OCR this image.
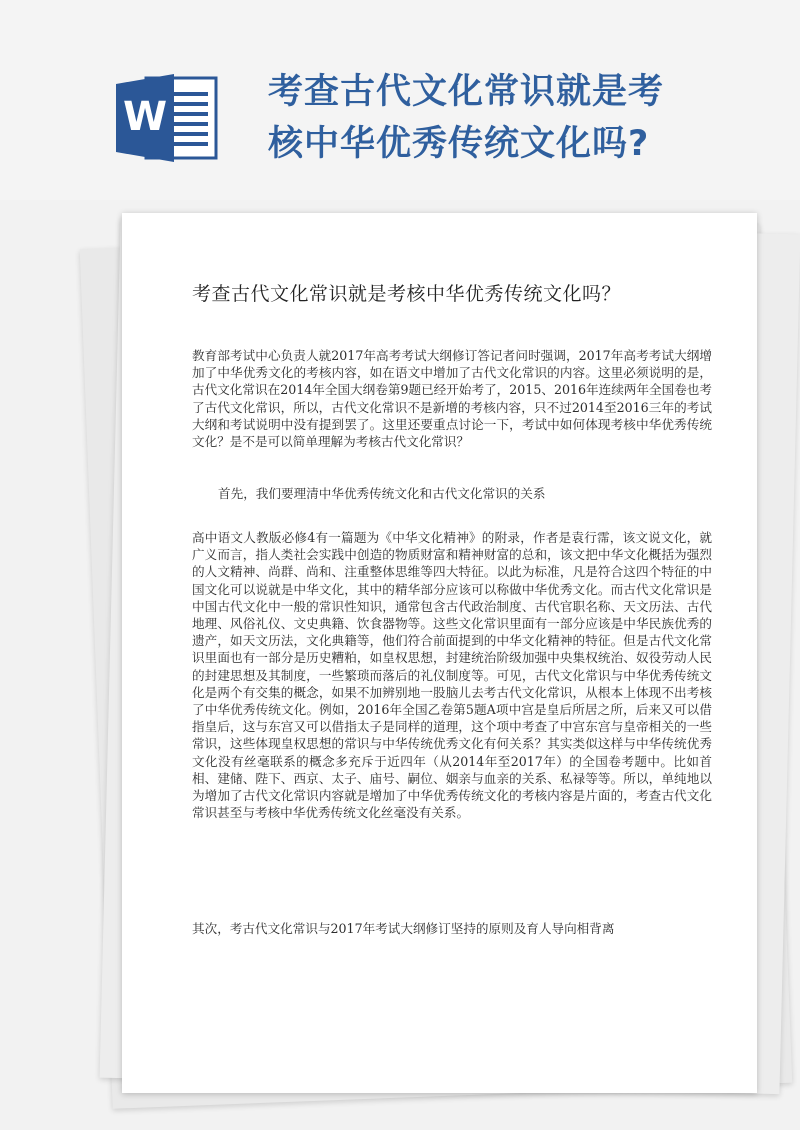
W
考查古代文化常识就是考核中华优秀传统文化吗?
考查古代文化常识就是考核中华优秀传统文化吗？
教育部考试中心负责人就2017年高考考试大纲修订答记者问时强调，2017年高考考试大纲增加了中华优秀文化的考核内容，如在语文中增加了古代文化常识的内容。这里必须说明的是，古代文化常识在2014年全国大纲卷第9题已经开始考了，2015、2016年连续两年全国卷也考了古代文化常识，所以，古代文化常识不是新增的考核内容，只不过2014至2016三年的考试大纲和考试说明中没有提到罢了。这里还要重点讨论一下，考试中如何体现考核中华优秀传统文化？是不是可以简单理解为考核古代文化常识？
首先，我们要理清中华优秀传统文化和古代文化常识的关系
高中语文人教版必修4有一篇题为《中华文化精神》的附录，作者是袁行霈，该文说文化，就广义而言，指人类社会实践中创造的物质财富和精神财富的总和，该文把中华文化概括为强烈的人文精神、尚群、尚和、注重整体思维等四大特征。以此为标准，凡是符合这四个特征的中国文化可以说就是中华文化，其中的精华部分应该可以称做中华优秀文化。而古代文化常识是中国古代文化中一般的常识性知识，通常包含古代政治制度、古代官职名称、天文历法、古代地理、风俗礼仪、文史典籍、饮食器物等。这些文化常识里面有一部分应该是中华民族优秀的遗产，如天文历法，文化典籍等，他们符合前面提到的中华文化精神的特征。但是古代文化常识里面也有一部分是历史糟粕，如皇权思想，封建统治阶级加强中央集权统治、奴役劳动人民的封建思想及其制度，一些繁琐而落后的礼仪制度等。可见，古代文化常识与中华优秀传统文化是两个有交集的概念，如果不加辨别地一股脑儿去考古代文化常识，从根本上体现不出考核了中华优秀传统文化。例如，2016年全国乙卷第5题A项中宫是皇后所居之所，后来又可以借指皇后，这与东宫又可以借指太子是同样的道理，这个项中考查了中宫东宫与皇帝相关的一些常识，这些体现皇权思想的常识与中华传统优秀文化有何关系？其实类似这样与中华传统优秀文化没有丝毫联系的概念多充斥于近四年（从2014年至2017年）的全国卷考题中。比如首相、建储、陛下、西京、太子、庙号、嗣位、姻亲与血亲的关系、私禄等等。所以，单纯地以为增加了古代文化常识内容就是增加了中华优秀传统文化的考核内容是片面的，考查古代文化常识甚至与考核中华优秀传统文化丝毫没有关系。
其次，考古代文化常识与2017年考试大纲修订坚持的原则及育人导向相背离
